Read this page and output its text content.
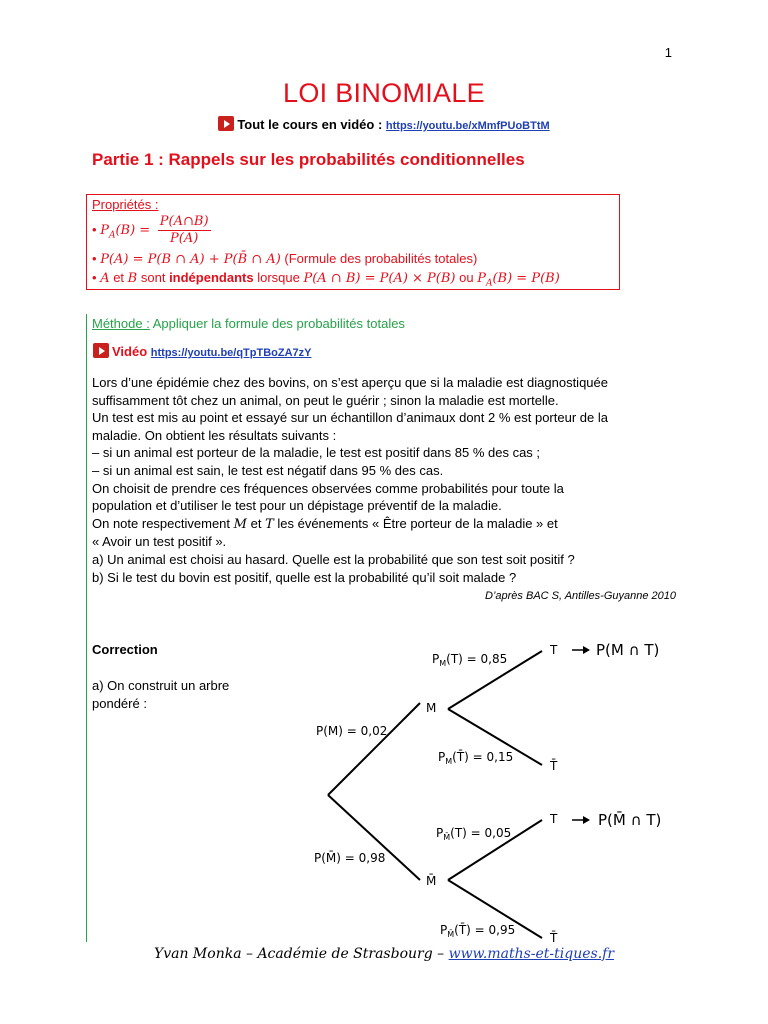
1
LOI BINOMIALE
Tout le cours en vidéo : https://youtu.be/xMmfPUoBTtM
Partie 1 : Rappels sur les probabilités conditionnelles
Propriétés :
• $P_A(B) = \frac{P(A\cap B)}{P(A)}$
• P(A) = P(B ∩ A) + P(B̄ ∩ A) (Formule des probabilités totales)
• A et B sont indépendants lorsque P(A ∩ B) = P(A) × P(B) ou $P_A(B) = P(B)$
Méthode : Appliquer la formule des probabilités totales
Vidéo https://youtu.be/qTpTBoZA7zY

Lors d’une épidémie chez des bovins, on s’est aperçu que si la maladie est diagnostiquée

suffisamment tôt chez un animal, on peut le guérir ; sinon la maladie est mortelle.

Un test est mis au point et essayé sur un échantillon d’animaux dont 2 % est porteur de la

maladie. On obtient les résultats suivants :

– si un animal est porteur de la maladie, le test est positif dans 85 % des cas ;

– si un animal est sain, le test est négatif dans 95 % des cas.

On choisit de prendre ces fréquences observées comme probabilités pour toute la

population et d’utiliser le test pour un dépistage préventif de la maladie.

On note respectivement M et T les événements « Être porteur de la maladie » et

« Avoir un test positif ».

a) Un animal est choisi au hasard. Quelle est la probabilité que son test soit positif ?

b) Si le test du bovin est positif, quelle est la probabilité qu’il soit malade ?

D’après BAC S, Antilles-Guyanne 2010
Correction

a) On construit un arbre

pondéré :

P(M) = 0,02
P(M̄) = 0,98
M
M̄
$P_M(T) = 0,85$
$P_M(T̄) = 0,15$
$P_{M̄}(T) = 0,05$
$P_{M̄}(T̄) = 0,95$
T
T̄
T
T̄
P(M ∩ T)
P(M̄ ∩ T)
Yvan Monka – Académie de Strasbourg – www.maths-et-tiques.fr
